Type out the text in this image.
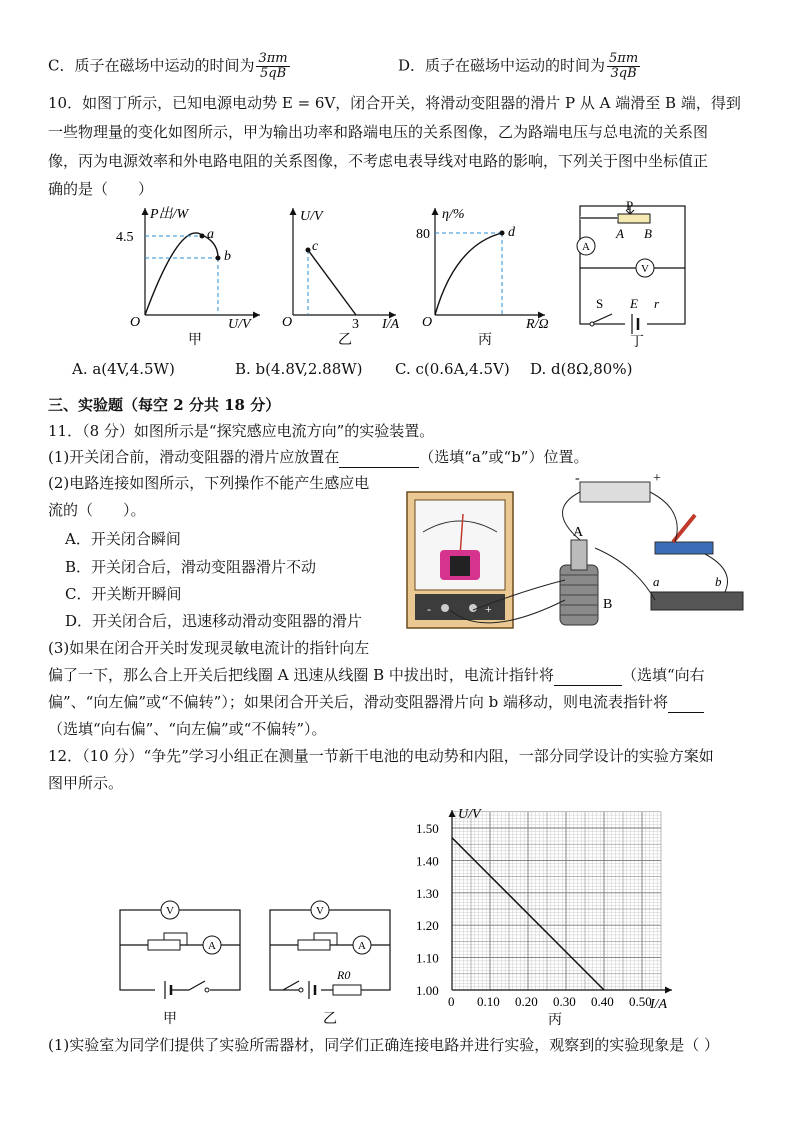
C．质子在磁场中运动的时间为 $\frac{3\pi m}{5qB}$	D．质子在磁场中运动的时间为 $\frac{5\pi m}{3qB}$
10．如图丁所示，已知电源电动势 E = 6V，闭合开关，将滑动变阻器的滑片 P 从 A 端滑至 B 端，得到
一些物理量的变化如图所示，甲为输出功率和路端电压的关系图像，乙为路端电压与总电流的关系图
像，丙为电源效率和外电路电阻的关系图像，不考虑电表导线对电路的影响，下列关于图中坐标值正
确的是（　　）
P出/W
4.5	a
b
O	U/V
甲
U/V
c
O	3 I/A
乙
η/%
80	d
O	R/Ω
丙
P
A B
A
V
S E r
丁
A. a(4V,4.5W)	B. b(4.8V,2.88W) C. c(0.6A,4.5V) D. d(8Ω,80%)
三、实验题（每空 2 分共 18 分）
11．（8 分）如图所示是“探究感应电流方向”的实验装置。
(1)开关闭合前，滑动变阻器的滑片应放置在	（选填“a”或“b”）位置。
(2)电路连接如图所示，下列操作不能产生感应电
流的（　　）。
A．开关闭合瞬间
B．开关闭合后，滑动变阻器滑片不动
C．开关断开瞬间
D．开关闭合后，迅速移动滑动变阻器的滑片
(3)如果在闭合开关时发现灵敏电流计的指针向左
偏了一下，那么合上开关后把线圈 A 迅速从线圈 B 中拔出时，电流计指针将	（选填“向右
偏”、“向左偏”或“不偏转”）；如果闭合开关后，滑动变阻器滑片向 b 端移动，则电流表指针将
（选填“向右偏”、“向左偏”或“不偏转”）。
-	+
A
B
-	+
a	b
12．（10 分）“争先”学习小组正在测量一节新干电池的电动势和内阻，一部分同学设计的实验方案如
图甲所示。
V
A
甲
V
A
R0
乙
U/V
I/A
1.50
1.40
1.30
1.20
1.10
1.00
0 0.10 0.20 0.30 0.40 0.50
丙
(1)实验室为同学们提供了实验所需器材，同学们正确连接电路并进行实验，观察到的实验现象是（ ）
